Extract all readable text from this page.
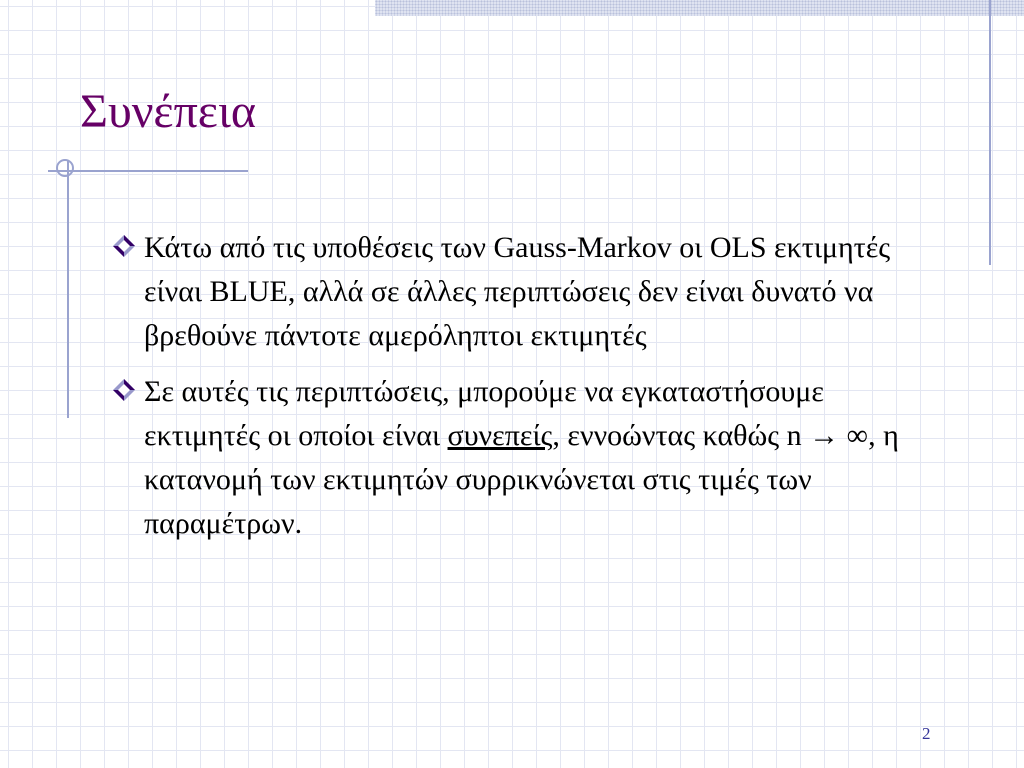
Συνέπεια
Κάτω από τις υποθέσεις των Gauss-Markov οι OLS εκτιμητές είναι BLUE, αλλά σε άλλες περιπτώσεις δεν είναι δυνατό να βρεθούνε πάντοτε αμερόληπτοι εκτιμητές
Σε αυτές τις περιπτώσεις, μπορούμε να εγκαταστήσουμε εκτιμητές οι οποίοι είναι συνεπείς, εννοώντας καθώς n → ∞, η κατανομή των εκτιμητών συρρικνώνεται στις τιμές των παραμέτρων.
2
